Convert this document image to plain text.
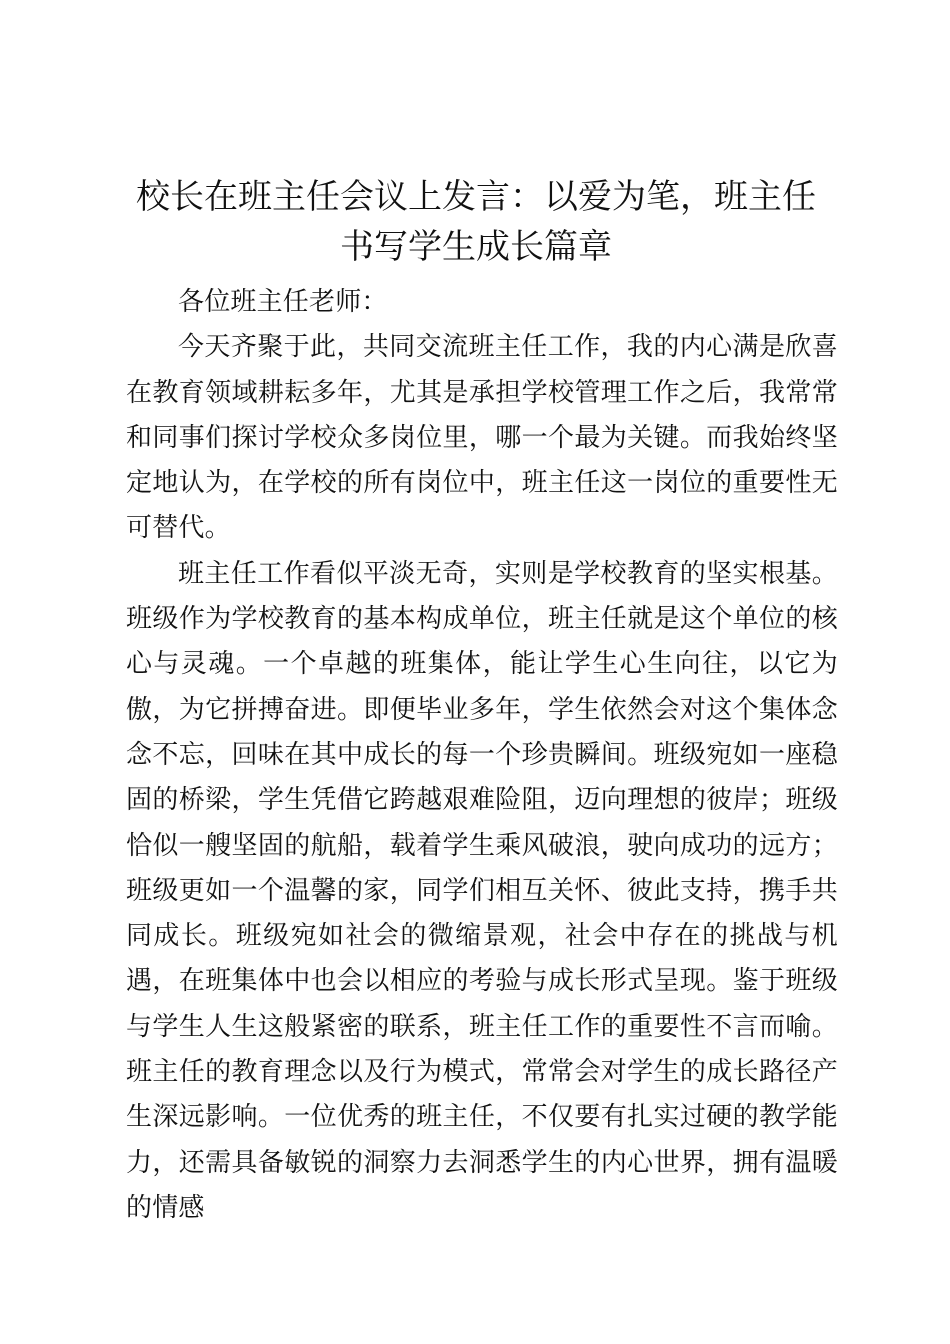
校长在班主任会议上发言：以爱为笔，班主任书写学生成长篇章

各位班主任老师：

今天齐聚于此，共同交流班主任工作，我的内心满是欣喜在教育领域耕耘多年，尤其是承担学校管理工作之后，我常常和同事们探讨学校众多岗位里，哪一个最为关键。而我始终坚定地认为，在学校的所有岗位中，班主任这一岗位的重要性无可替代。

班主任工作看似平淡无奇，实则是学校教育的坚实根基。班级作为学校教育的基本构成单位，班主任就是这个单位的核心与灵魂。一个卓越的班集体，能让学生心生向往，以它为傲，为它拼搏奋进。即便毕业多年，学生依然会对这个集体念念不忘，回味在其中成长的每一个珍贵瞬间。班级宛如一座稳固的桥梁，学生凭借它跨越艰难险阻，迈向理想的彼岸；班级恰似一艘坚固的航船，载着学生乘风破浪，驶向成功的远方；班级更如一个温馨的家，同学们相互关怀、彼此支持，携手共同成长。班级宛如社会的微缩景观，社会中存在的挑战与机遇，在班集体中也会以相应的考验与成长形式呈现。鉴于班级与学生人生这般紧密的联系，班主任工作的重要性不言而喻。班主任的教育理念以及行为模式，常常会对学生的成长路径产生深远影响。一位优秀的班主任，不仅要有扎实过硬的教学能力，还需具备敏锐的洞察力去洞悉学生的内心世界，拥有温暖的情感
